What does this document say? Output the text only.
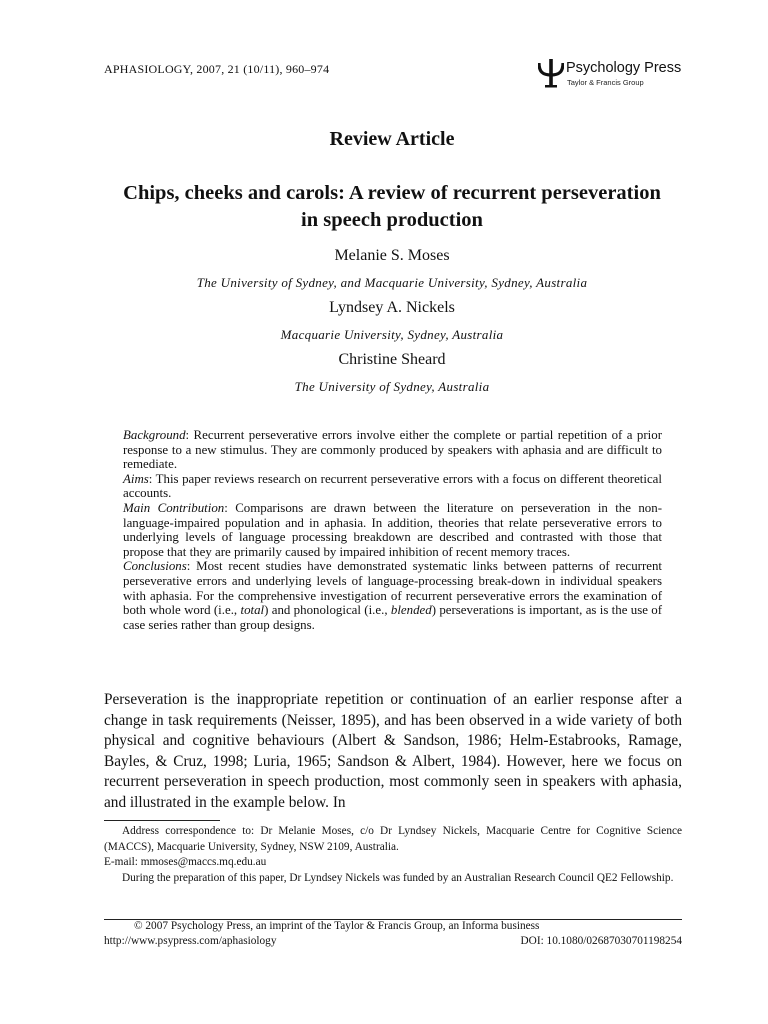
APHASIOLOGY, 2007, 21 (10/11), 960–974	Psychology Press
Taylor & Francis Group
Review Article
Chips, cheeks and carols: A review of recurrent perseveration
in speech production
Melanie S. Moses
The University of Sydney, and Macquarie University, Sydney, Australia
Lyndsey A. Nickels
Macquarie University, Sydney, Australia
Christine Sheard
The University of Sydney, Australia

Background: Recurrent perseverative errors involve either the complete or partial repetition of a prior response to a new stimulus. They are commonly produced by speakers with aphasia and are difficult to remediate.

Aims: This paper reviews research on recurrent perseverative errors with a focus on different theoretical accounts.

Main Contribution: Comparisons are drawn between the literature on perseveration in the non-language-impaired population and in aphasia. In addition, theories that relate perseverative errors to underlying levels of language processing breakdown are described and contrasted with those that propose that they are primarily caused by impaired inhibition of recent memory traces.

Conclusions: Most recent studies have demonstrated systematic links between patterns of recurrent perseverative errors and underlying levels of language-processing break-down in individual speakers with aphasia. For the comprehensive investigation of recurrent perseverative errors the examination of both whole word (i.e., total) and phonological (i.e., blended) perseverations is important, as is the use of case series rather than group designs.

Perseveration is the inappropriate repetition or continuation of an earlier response after a change in task requirements (Neisser, 1895), and has been observed in a wide variety of both physical and cognitive behaviours (Albert & Sandson, 1986; Helm-Estabrooks, Ramage, Bayles, & Cruz, 1998; Luria, 1965; Sandson & Albert, 1984). However, here we focus on recurrent perseveration in speech production, most commonly seen in speakers with aphasia, and illustrated in the example below. In

Address correspondence to: Dr Melanie Moses, c/o Dr Lyndsey Nickels, Macquarie Centre for Cognitive Science (MACCS), Macquarie University, Sydney, NSW 2109, Australia.

E-mail: mmoses@maccs.mq.edu.au

During the preparation of this paper, Dr Lyndsey Nickels was funded by an Australian Research Council QE2 Fellowship.

© 2007 Psychology Press, an imprint of the Taylor & Francis Group, an Informa business
http://www.psypress.com/aphasiology	DOI: 10.1080/02687030701198254
